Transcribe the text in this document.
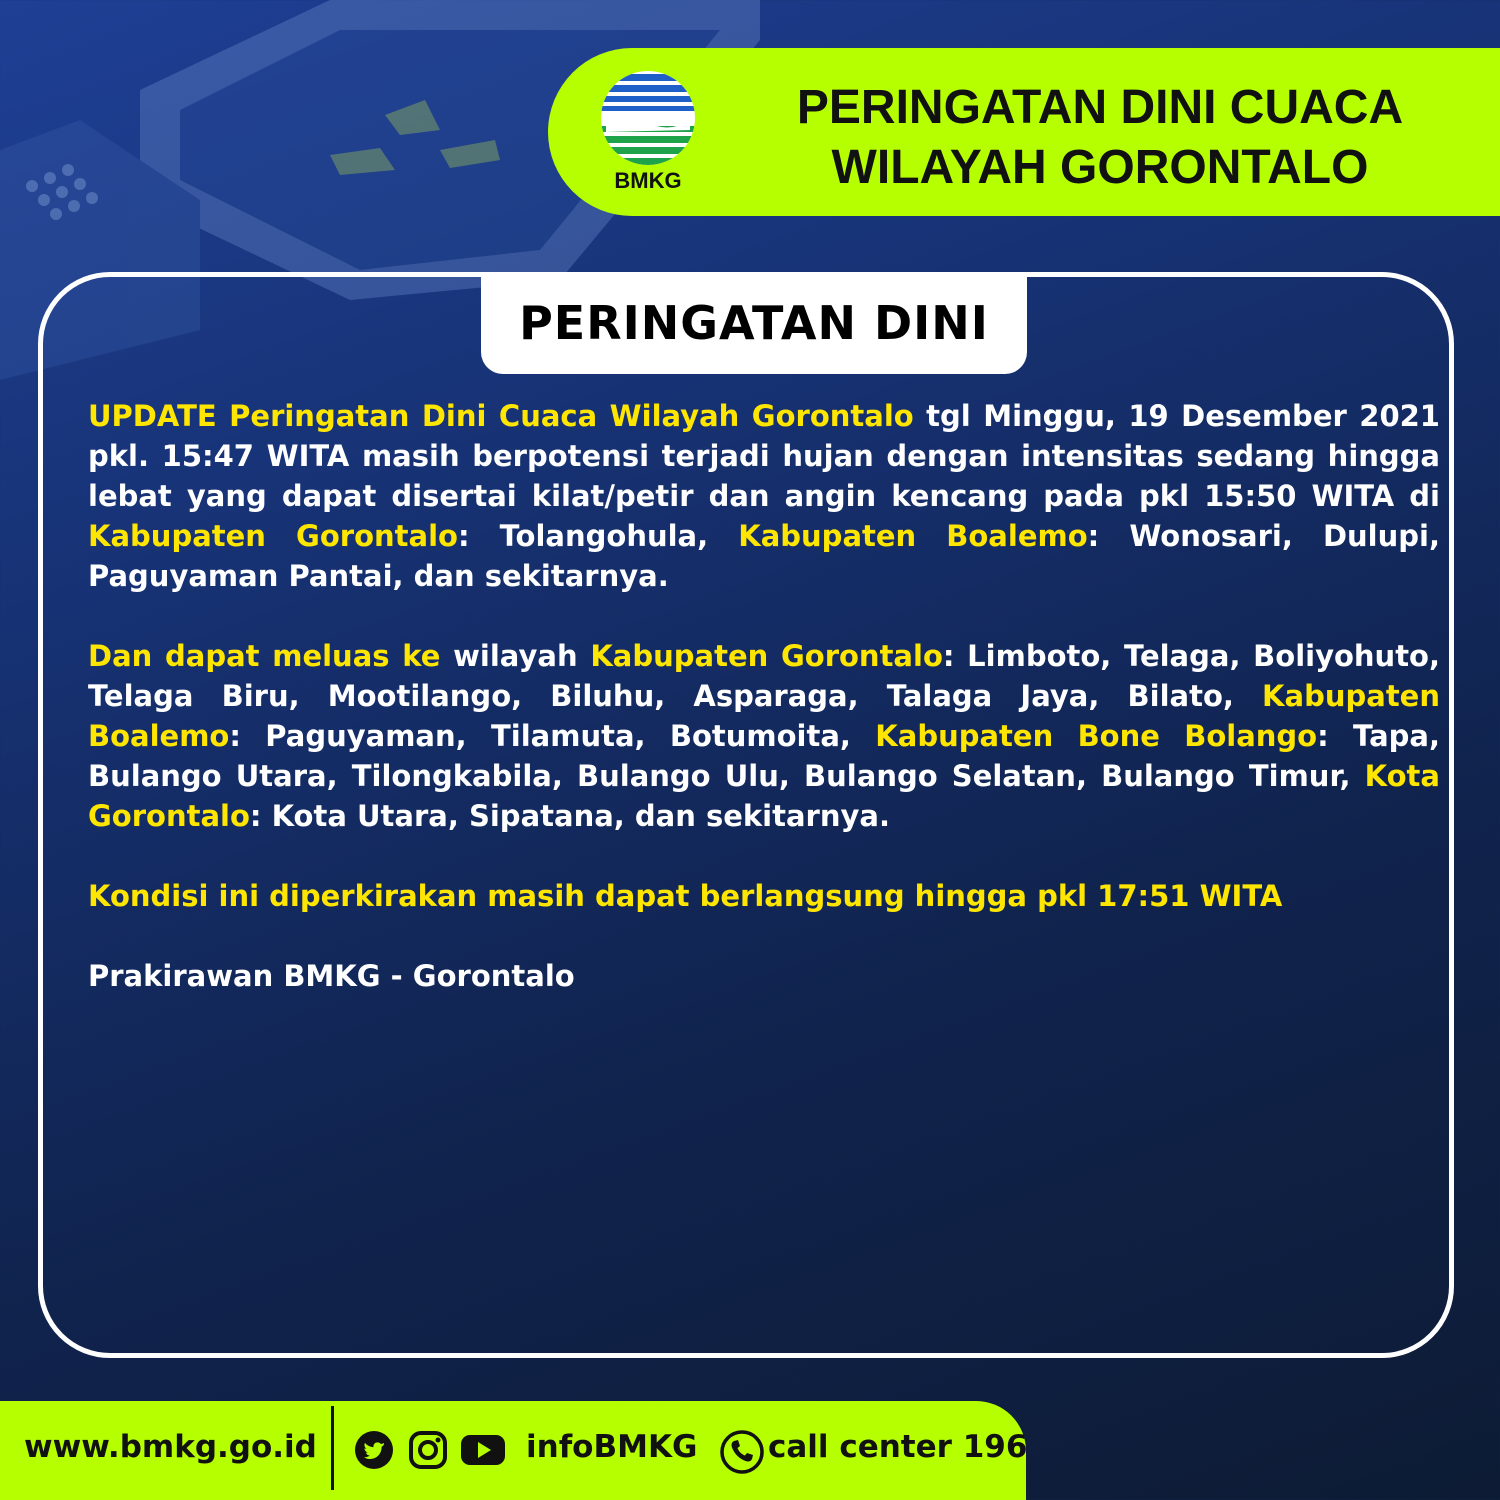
BMKG
PERINGATAN DINI CUACA
WILAYAH GORONTALO
PERINGATAN DINI

UPDATE Peringatan Dini Cuaca Wilayah Gorontalo tgl Minggu, 19 Desember 2021 pkl. 15:47 WITA masih berpotensi terjadi hujan dengan intensitas sedang hingga lebat yang dapat disertai kilat/petir dan angin kencang pada pkl 15:50 WITA di Kabupaten Gorontalo: Tolangohula, Kabupaten Boalemo: Wonosari, Dulupi, Paguyaman Pantai, dan sekitarnya.

Dan dapat meluas ke wilayah Kabupaten Gorontalo: Limboto, Telaga, Boliyohuto, Telaga Biru, Mootilango, Biluhu, Asparaga, Talaga Jaya, Bilato, Kabupaten Boalemo: Paguyaman, Tilamuta, Botumoita, Kabupaten Bone Bolango: Tapa, Bulango Utara, Tilongkabila, Bulango Ulu, Bulango Selatan, Bulango Timur, Kota Gorontalo: Kota Utara, Sipatana, dan sekitarnya.

Kondisi ini diperkirakan masih dapat berlangsung hingga pkl 17:51 WITA

Prakirawan BMKG - Gorontalo

www.bmkg.go.id	infoBMKG call center 196
